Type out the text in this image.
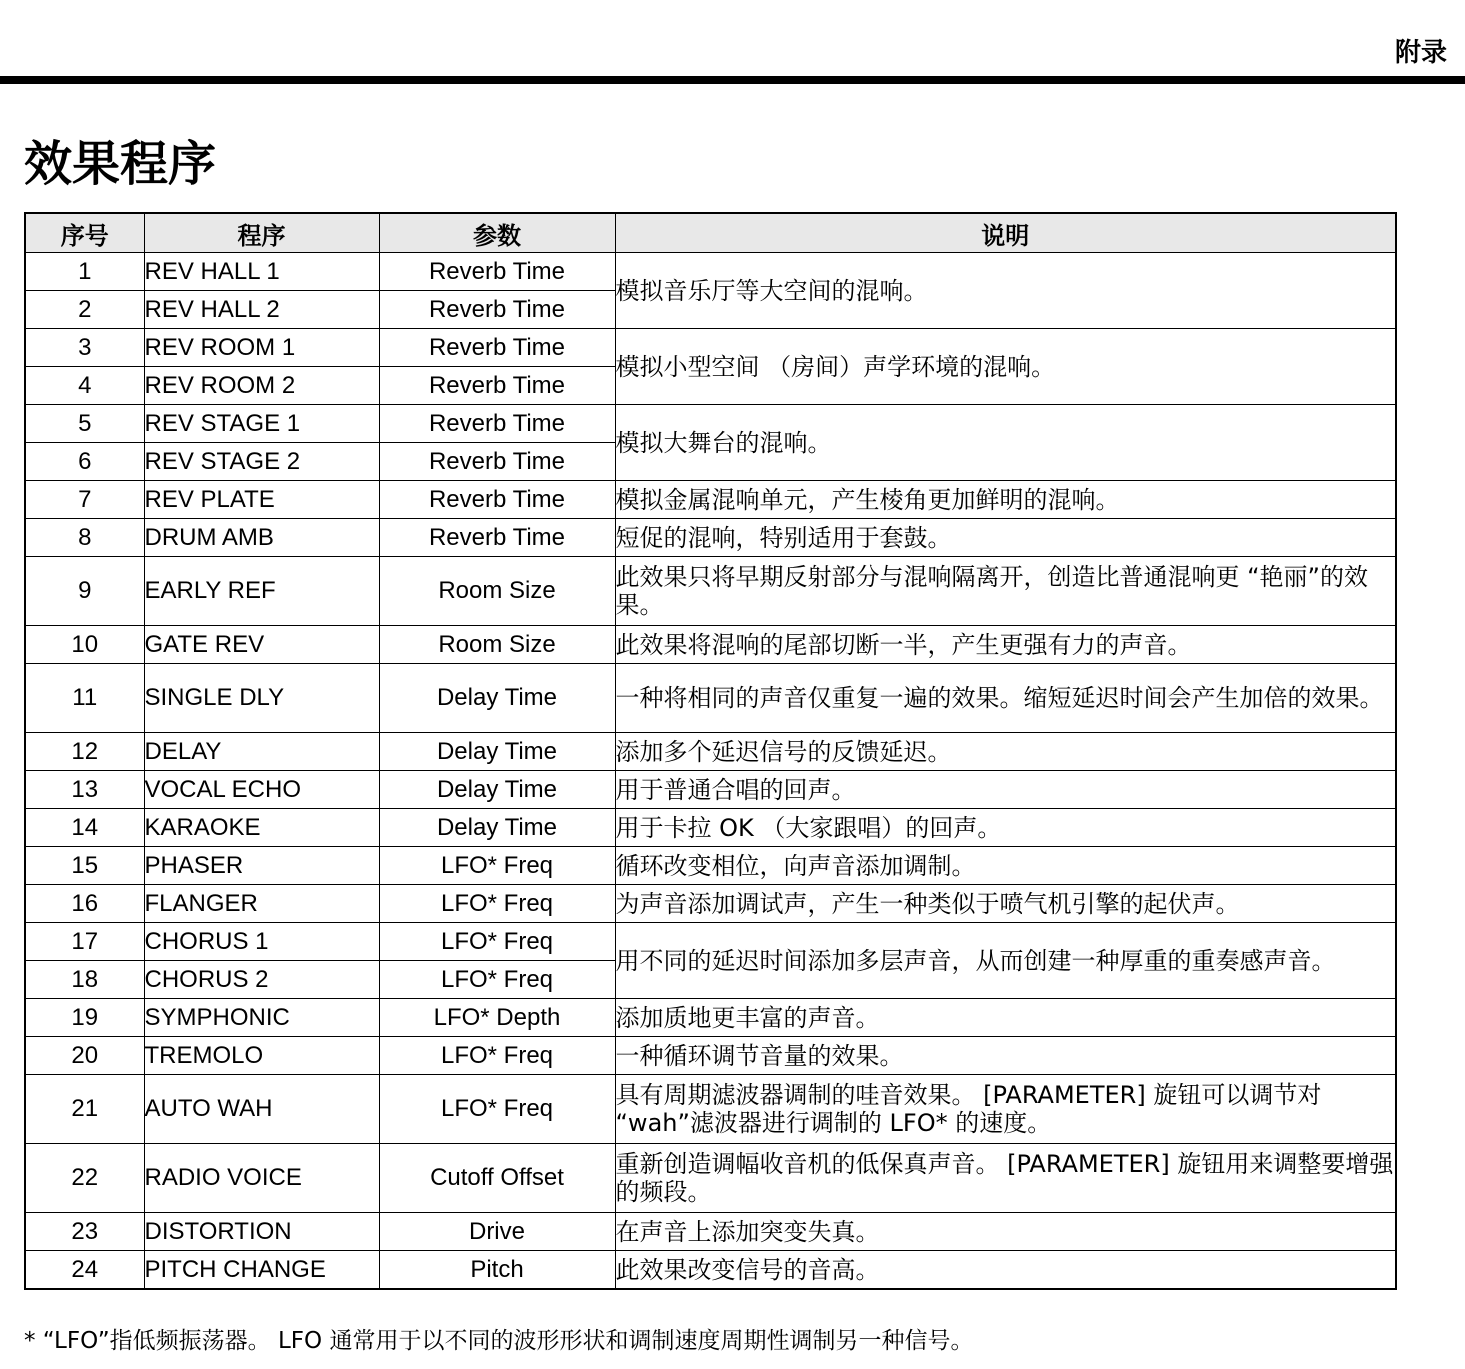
附录
效果程序
序号	程序	参数	说明
1	REV HALL 1	Reverb Time	模拟音乐厅等大空间的混响。
2	REV HALL 2	Reverb Time	
3	REV ROOM 1	Reverb Time	模拟小型空间 （房间）声学环境的混响。
4	REV ROOM 2	Reverb Time	
5	REV STAGE 1	Reverb Time	模拟大舞台的混响。
6	REV STAGE 2	Reverb Time	
7	REV PLATE	Reverb Time	模拟金属混响单元，产生棱角更加鲜明的混响。
8	DRUM AMB	Reverb Time	短促的混响，特别适用于套鼓。
9	EARLY REF	Room Size	此效果只将早期反射部分与混响隔离开，创造比普通混响更 “艳丽”的效果。
10	GATE REV	Room Size	此效果将混响的尾部切断一半，产生更强有力的声音。
11	SINGLE DLY	Delay Time	一种将相同的声音仅重复一遍的效果。缩短延迟时间会产生加倍的效果。
12	DELAY	Delay Time	添加多个延迟信号的反馈延迟。
13	VOCAL ECHO	Delay Time	用于普通合唱的回声。
14	KARAOKE	Delay Time	用于卡拉 OK （大家跟唱）的回声。
15	PHASER	LFO* Freq	循环改变相位，向声音添加调制。
16	FLANGER	LFO* Freq	为声音添加调试声，产生一种类似于喷气机引擎的起伏声。
17	CHORUS 1	LFO* Freq	用不同的延迟时间添加多层声音，从而创建一种厚重的重奏感声音。
18	CHORUS 2	LFO* Freq	
19	SYMPHONIC	LFO* Depth	添加质地更丰富的声音。
20	TREMOLO	LFO* Freq	一种循环调节音量的效果。
21	AUTO WAH	LFO* Freq	具有周期滤波器调制的哇音效果。 [PARAMETER] 旋钮可以调节对 “wah”滤波器进行调制的 LFO* 的速度。
22	RADIO VOICE	Cutoff Offset	重新创造调幅收音机的低保真声音。 [PARAMETER] 旋钮用来调整要增强的频段。
23	DISTORTION	Drive	在声音上添加突变失真。
24	PITCH CHANGE	Pitch	此效果改变信号的音高。
* “LFO”指低频振荡器。 LFO 通常用于以不同的波形形状和调制速度周期性调制另一种信号。
